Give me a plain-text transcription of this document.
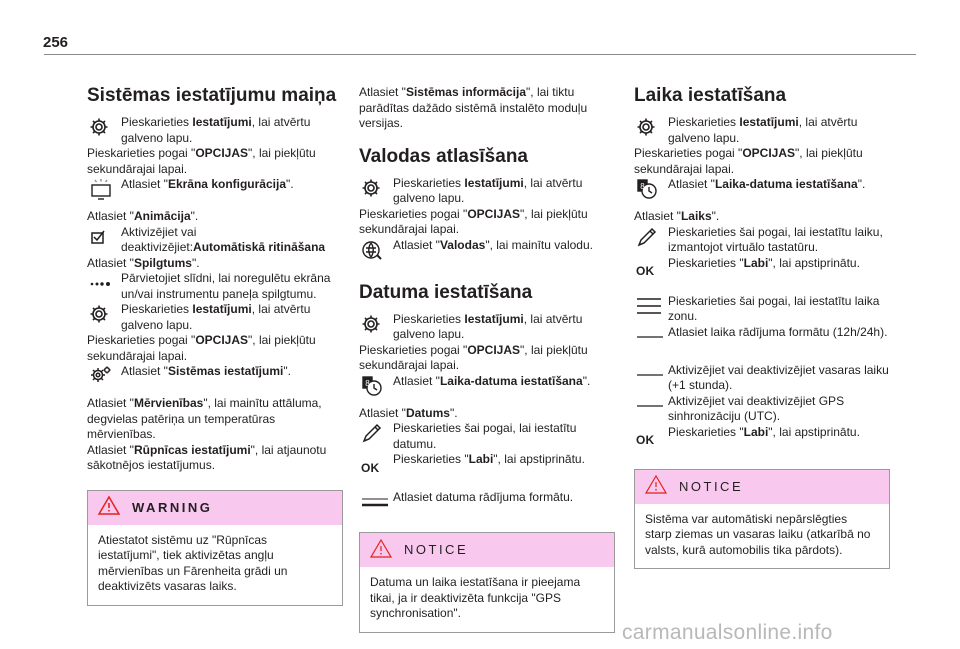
256
Sistēmas iestatījumu maiņa

Pieskarieties Iestatījumi, lai atvērtu galveno lapu.

Pieskarieties pogai "OPCIJAS", lai piekļūtu sekundārajai lapai.

Atlasiet "Ekrāna konfigurācija".

Atlasiet "Animācija".

Aktivizējiet vai deaktivizējiet:Automātiskā ritināšana

Atlasiet "Spilgtums".

Pārvietojiet slīdni, lai noregulētu ekrāna un/vai instrumentu paneļa spilgtumu.

Pieskarieties Iestatījumi, lai atvērtu galveno lapu.

Pieskarieties pogai "OPCIJAS", lai piekļūtu sekundārajai lapai.

Atlasiet "Sistēmas iestatījumi".

Atlasiet "Mērvienības", lai mainītu attāluma, degvielas patēriņa un temperatūras mērvienības.

Atlasiet "Rūpnīcas iestatījumi", lai atjaunotu sākotnējos iestatījumus.

WARNING

Atiestatot sistēmu uz "Rūpnīcas iestatījumi", tiek aktivizētas angļu mērvienības un Fārenheita grādi un deaktivizēts vasaras laiks.

Atlasiet "Sistēmas informācija", lai tiktu parādītas dažādo sistēmā instalēto moduļu versijas.

Valodas atlasīšana

Pieskarieties Iestatījumi, lai atvērtu galveno lapu.

Pieskarieties pogai "OPCIJAS", lai piekļūtu sekundārajai lapai.

Atlasiet "Valodas", lai mainītu valodu.

Datuma iestatīšana

Pieskarieties Iestatījumi, lai atvērtu galveno lapu.

Pieskarieties pogai "OPCIJAS", lai piekļūtu sekundārajai lapai.

8 Atlasiet "Laika-datuma iestatīšana".

Atlasiet "Datums".

Pieskarieties šai pogai, lai iestatītu datumu.

OK

Pieskarieties "Labi", lai apstiprinātu.

Atlasiet datuma rādījuma formātu.

NOTICE

Datuma un laika iestatīšana ir pieejama tikai, ja ir deaktivizēta funkcija "GPS synchronisation".

Laika iestatīšana

Pieskarieties Iestatījumi, lai atvērtu galveno lapu.

Pieskarieties pogai "OPCIJAS", lai piekļūtu sekundārajai lapai.

8 Atlasiet "Laika-datuma iestatīšana".

Atlasiet "Laiks".

Pieskarieties šai pogai, lai iestatītu laiku, izmantojot virtuālo tastatūru.

OK

Pieskarieties "Labi", lai apstiprinātu.

Pieskarieties šai pogai, lai iestatītu laika zonu.

Atlasiet laika rādījuma formātu (12h/24h).

Aktivizējiet vai deaktivizējiet vasaras laiku (+1 stunda).

Aktivizējiet vai deaktivizējiet GPS sinhronizāciju (UTC).

OK

Pieskarieties "Labi", lai apstiprinātu.

NOTICE

Sistēma var automātiski nepārslēgties starp ziemas un vasaras laiku (atkarībā no valsts, kurā automobilis tika pārdots).

carmanualsonline.info
